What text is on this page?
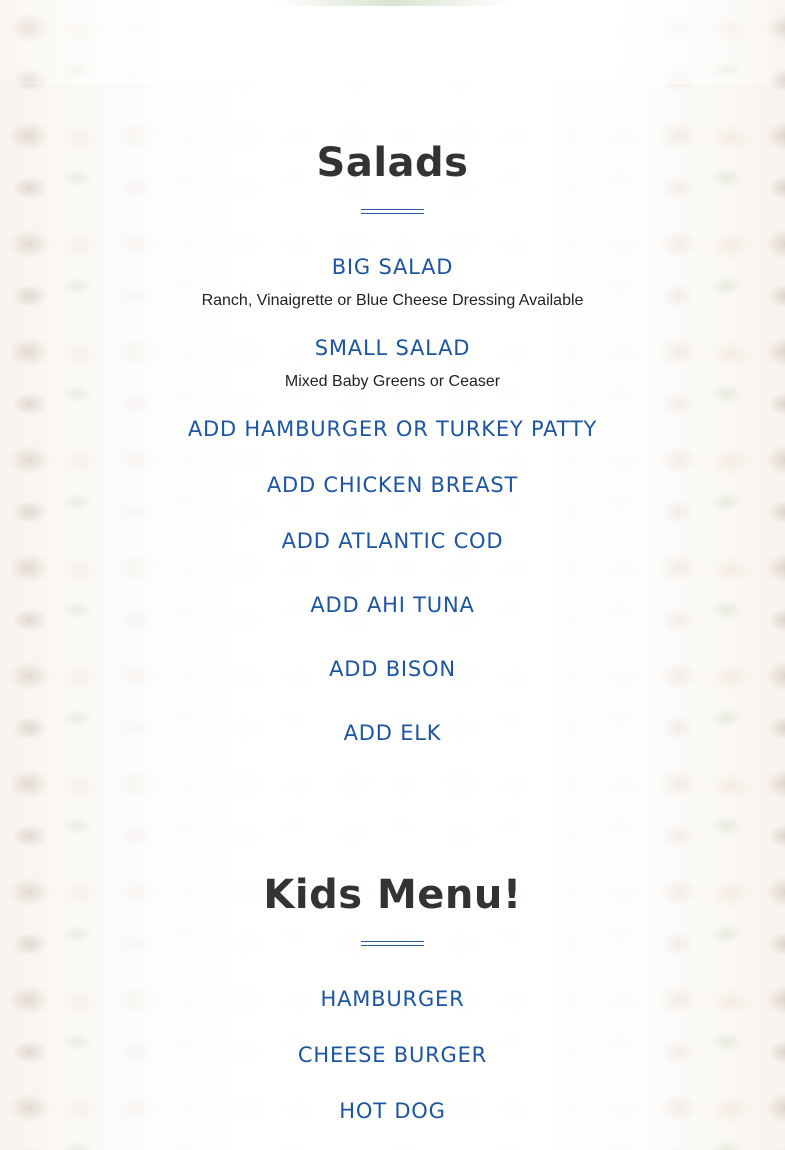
Salads
BIG SALAD
Ranch, Vinaigrette or Blue Cheese Dressing Available
SMALL SALAD
Mixed Baby Greens or Ceaser
ADD HAMBURGER OR TURKEY PATTY
ADD CHICKEN BREAST
ADD ATLANTIC COD
ADD AHI TUNA
ADD BISON
ADD ELK
Kids Menu!
HAMBURGER
CHEESE BURGER
HOT DOG
